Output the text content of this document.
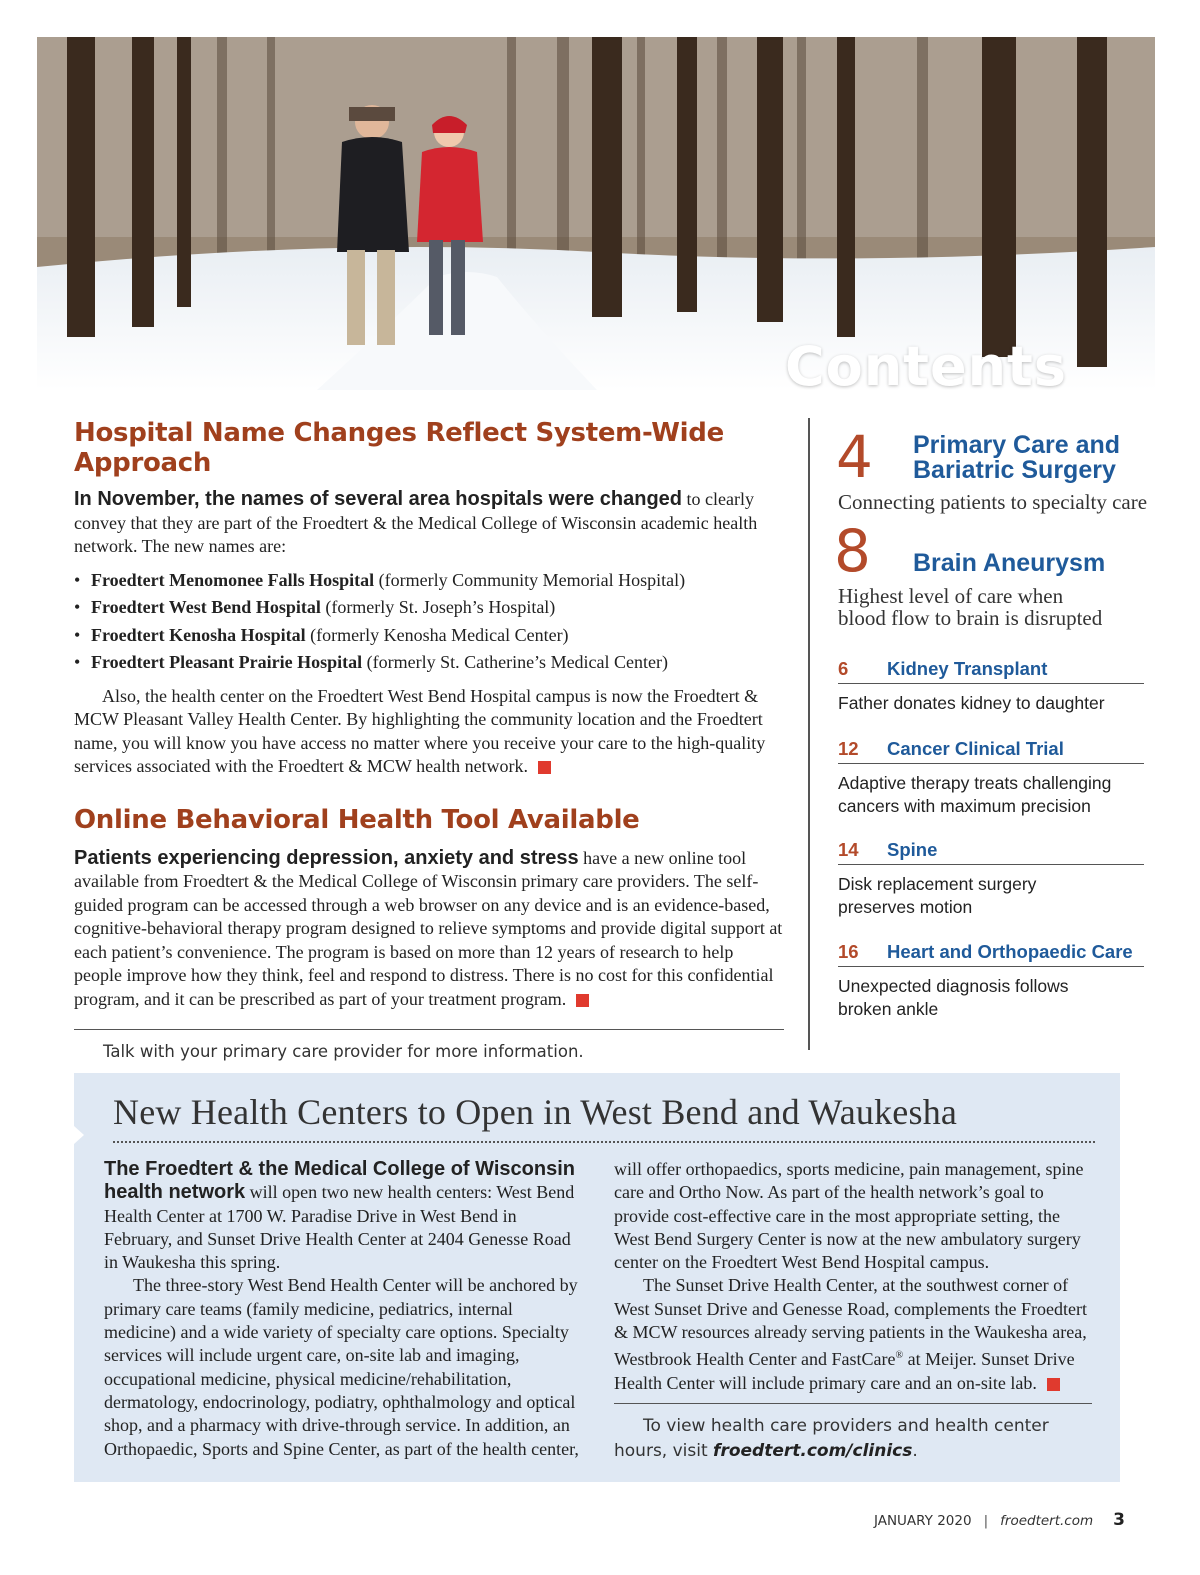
Contents
Hospital Name Changes Reflect System-Wide Approach

In November, the names of several area hospitals were changed to clearly convey that they are part of the Froedtert & the Medical College of Wisconsin academic health network. The new names are:

• Froedtert Menomonee Falls Hospital (formerly Community Memorial Hospital)
• Froedtert West Bend Hospital (formerly St. Joseph’s Hospital)
• Froedtert Kenosha Hospital (formerly Kenosha Medical Center)
• Froedtert Pleasant Prairie Hospital (formerly St. Catherine’s Medical Center)

Also, the health center on the Froedtert West Bend Hospital campus is now the Froedtert & MCW Pleasant Valley Health Center. By highlighting the community location and the Froedtert name, you will know you have access no matter where you receive your care to the high-quality services associated with the Froedtert & MCW health network.

Online Behavioral Health Tool Available

Patients experiencing depression, anxiety and stress have a new online tool available from Froedtert & the Medical College of Wisconsin primary care providers. The self-guided program can be accessed through a web browser on any device and is an evidence-based, cognitive-behavioral therapy program designed to relieve symptoms and provide digital support at each patient’s convenience. The program is based on more than 12 years of research to help people improve how they think, feel and respond to distress. There is no cost for this confidential program, and it can be prescribed as part of your treatment program.

Talk with your primary care provider for more information.
4 Primary Care and
Bariatric Surgery
Connecting patients to specialty care
8 Brain Aneurysm
Highest level of care when
blood flow to brain is disrupted
6 Kidney Transplant
Father donates kidney to daughter
12 Cancer Clinical Trial
Adaptive therapy treats challenging
cancers with maximum precision
14 Spine
Disk replacement surgery
preserves motion
16 Heart and Orthopaedic Care
Unexpected diagnosis follows
broken ankle
New Health Centers to Open in West Bend and Waukesha

The Froedtert & the Medical College of Wisconsin health network will open two new health centers: West Bend Health Center at 1700 W. Paradise Drive in West Bend in February, and Sunset Drive Health Center at 2404 Genesse Road in Waukesha this spring.

The three-story West Bend Health Center will be anchored by primary care teams (family medicine, pediatrics, internal medicine) and a wide variety of specialty care options. Specialty services will include urgent care, on-site lab and imaging, occupational medicine, physical medicine/rehabilitation, dermatology, endocrinology, podiatry, ophthalmology and optical shop, and a pharmacy with drive-through service. In addition, an Orthopaedic, Sports and Spine Center, as part of the health center,

will offer orthopaedics, sports medicine, pain management, spine care and Ortho Now. As part of the health network’s goal to provide cost-effective care in the most appropriate setting, the West Bend Surgery Center is now at the new ambulatory surgery center on the Froedtert West Bend Hospital campus.

The Sunset Drive Health Center, at the southwest corner of West Sunset Drive and Genesse Road, complements the Froedtert & MCW resources already serving patients in the Waukesha area, Westbrook Health Center and FastCare® at Meijer. Sunset Drive Health Center will include primary care and an on-site lab.

To view health care providers and health center hours, visit froedtert.com/clinics.
JANUARY 2020 | froedtert.com 3
